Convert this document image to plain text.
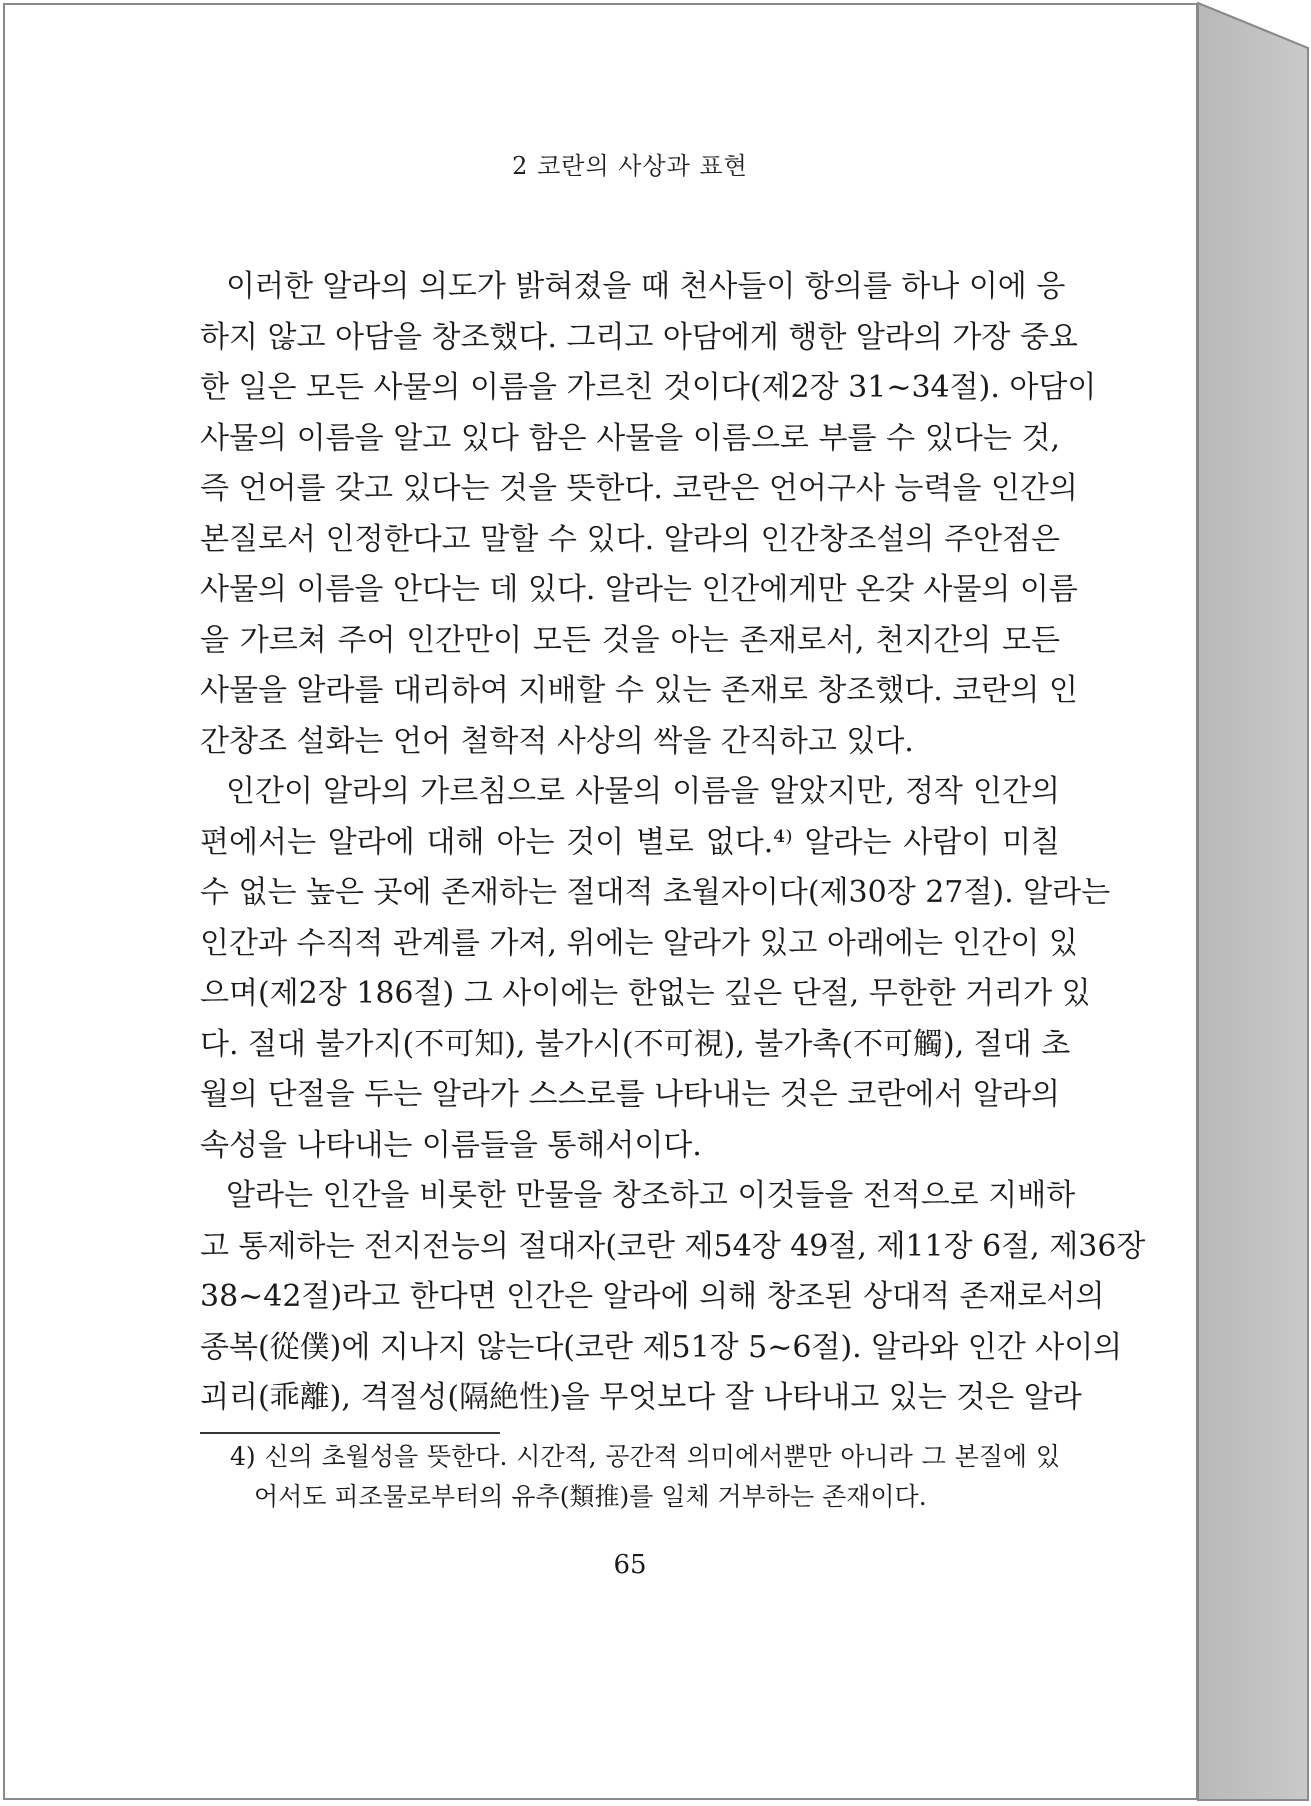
2 코란의 사상과 표현
이러한 알라의 의도가 밝혀졌을 때 천사들이 항의를 하나 이에 응
하지 않고 아담을 창조했다. 그리고 아담에게 행한 알라의 가장 중요
한 일은 모든 사물의 이름을 가르친 것이다(제2장 31~34절). 아담이
사물의 이름을 알고 있다 함은 사물을 이름으로 부를 수 있다는 것,
즉 언어를 갖고 있다는 것을 뜻한다. 코란은 언어구사 능력을 인간의
본질로서 인정한다고 말할 수 있다. 알라의 인간창조설의 주안점은
사물의 이름을 안다는 데 있다. 알라는 인간에게만 온갖 사물의 이름
을 가르쳐 주어 인간만이 모든 것을 아는 존재로서, 천지간의 모든
사물을 알라를 대리하여 지배할 수 있는 존재로 창조했다. 코란의 인
간창조 설화는 언어 철학적 사상의 싹을 간직하고 있다.
인간이 알라의 가르침으로 사물의 이름을 알았지만, 정작 인간의
편에서는 알라에 대해 아는 것이 별로 없다.⁴⁾ 알라는 사람이 미칠
수 없는 높은 곳에 존재하는 절대적 초월자이다(제30장 27절). 알라는
인간과 수직적 관계를 가져, 위에는 알라가 있고 아래에는 인간이 있
으며(제2장 186절) 그 사이에는 한없는 깊은 단절, 무한한 거리가 있
다. 절대 불가지(不可知), 불가시(不可視), 불가촉(不可觸), 절대 초
월의 단절을 두는 알라가 스스로를 나타내는 것은 코란에서 알라의
속성을 나타내는 이름들을 통해서이다.
알라는 인간을 비롯한 만물을 창조하고 이것들을 전적으로 지배하
고 통제하는 전지전능의 절대자(코란 제54장 49절, 제11장 6절, 제36장
38~42절)라고 한다면 인간은 알라에 의해 창조된 상대적 존재로서의
종복(從僕)에 지나지 않는다(코란 제51장 5~6절). 알라와 인간 사이의
괴리(乖離), 격절성(隔絶性)을 무엇보다 잘 나타내고 있는 것은 알라
4) 신의 초월성을 뜻한다. 시간적, 공간적 의미에서뿐만 아니라 그 본질에 있
어서도 피조물로부터의 유추(類推)를 일체 거부하는 존재이다.
65
